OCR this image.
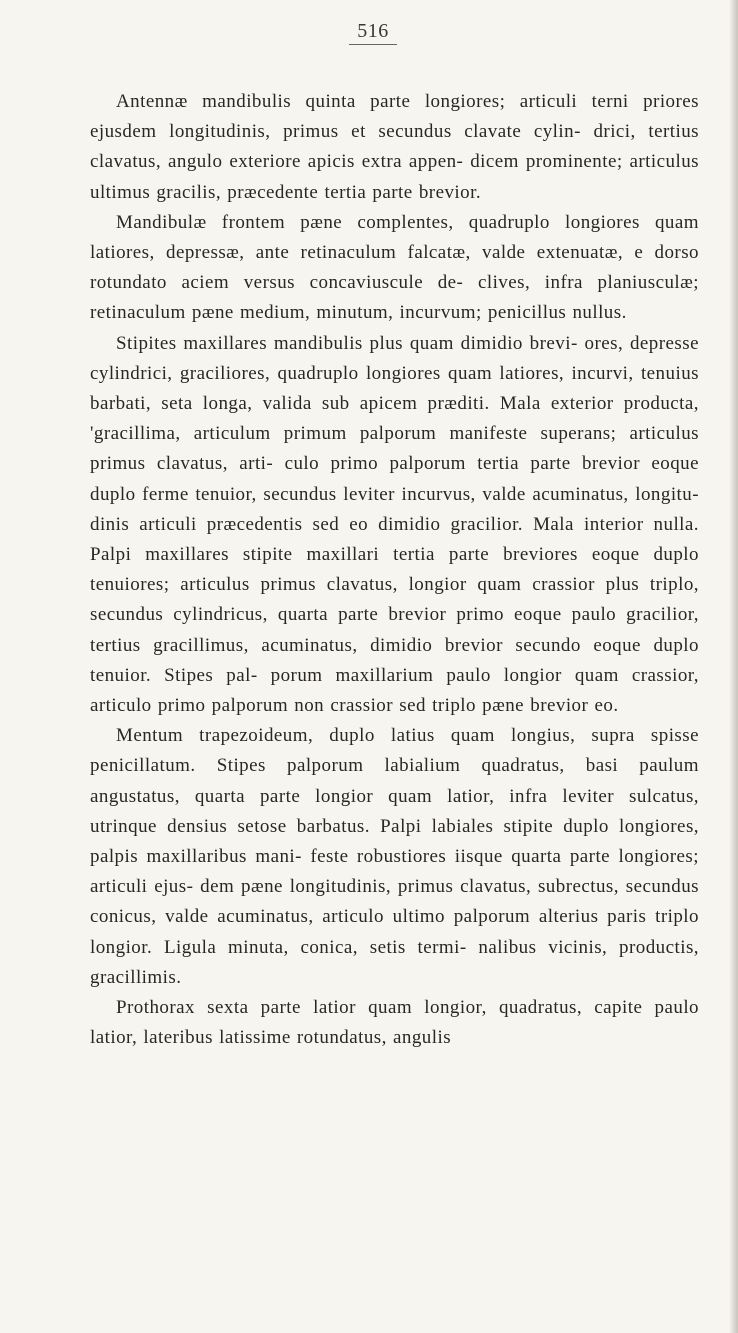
516

Antennæ mandibulis quinta parte longiores; articuli terni priores ejusdem longitudinis, primus et secundus clavate cylin- drici, tertius clavatus, angulo exteriore apicis extra appen- dicem prominente; articulus ultimus gracilis, præcedente tertia parte brevior.

Mandibulæ frontem pæne complentes, quadruplo longiores quam latiores, depressæ, ante retinaculum falcatæ, valde extenuatæ, e dorso rotundato aciem versus concaviuscule de- clives, infra planiusculæ; retinaculum pæne medium, minutum, incurvum; penicillus nullus.

Stipites maxillares mandibulis plus quam dimidio brevi- ores, depresse cylindrici, graciliores, quadruplo longiores quam latiores, incurvi, tenuius barbati, seta longa, valida sub apicem præditi. Mala exterior producta, 'gracillima, articulum primum palporum manifeste superans; articulus primus clavatus, arti- culo primo palporum tertia parte brevior eoque duplo ferme tenuior, secundus leviter incurvus, valde acuminatus, longitu- dinis articuli præcedentis sed eo dimidio gracilior. Mala interior nulla. Palpi maxillares stipite maxillari tertia parte breviores eoque duplo tenuiores; articulus primus clavatus, longior quam crassior plus triplo, secundus cylindricus, quarta parte brevior primo eoque paulo gracilior, tertius gracillimus, acuminatus, dimidio brevior secundo eoque duplo tenuior. Stipes pal- porum maxillarium paulo longior quam crassior, articulo primo palporum non crassior sed triplo pæne brevior eo.

Mentum trapezoideum, duplo latius quam longius, supra spisse penicillatum. Stipes palporum labialium quadratus, basi paulum angustatus, quarta parte longior quam latior, infra leviter sulcatus, utrinque densius setose barbatus. Palpi labiales stipite duplo longiores, palpis maxillaribus mani- feste robustiores iisque quarta parte longiores; articuli ejus- dem pæne longitudinis, primus clavatus, subrectus, secundus conicus, valde acuminatus, articulo ultimo palporum alterius paris triplo longior. Ligula minuta, conica, setis termi- nalibus vicinis, productis, gracillimis.

Prothorax sexta parte latior quam longior, quadratus, capite paulo latior, lateribus latissime rotundatus, angulis
